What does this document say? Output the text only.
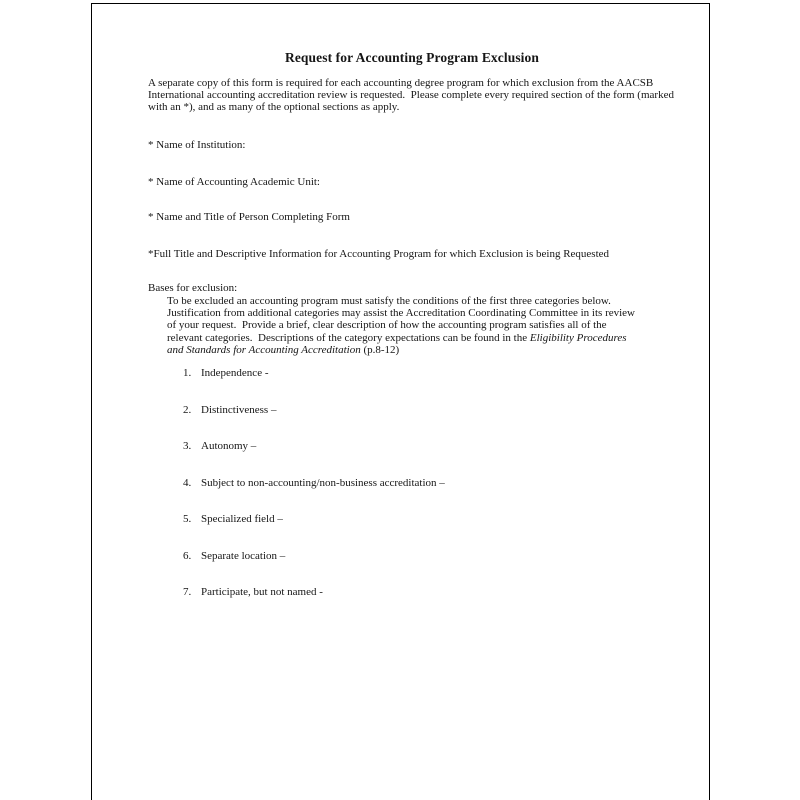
Request for Accounting Program Exclusion
A separate copy of this form is required for each accounting degree program for which exclusion from the AACSB International accounting accreditation review is requested.  Please complete every required section of the form (marked with an *), and as many of the optional sections as apply.
* Name of Institution:
* Name of Accounting Academic Unit:
* Name and Title of Person Completing Form
*Full Title and Descriptive Information for Accounting Program for which Exclusion is being Requested
Bases for exclusion:
To be excluded an accounting program must satisfy the conditions of the first three categories below.  Justification from additional categories may assist the Accreditation Coordinating Committee in its review of your request.  Provide a brief, clear description of how the accounting program satisfies all of the relevant categories.  Descriptions of the category expectations can be found in the Eligibility Procedures and Standards for Accounting Accreditation (p.8-12)
1. Independence -
2. Distinctiveness –
3. Autonomy –
4. Subject to non-accounting/non-business accreditation –
5. Specialized field –
6. Separate location –
7. Participate, but not named -
